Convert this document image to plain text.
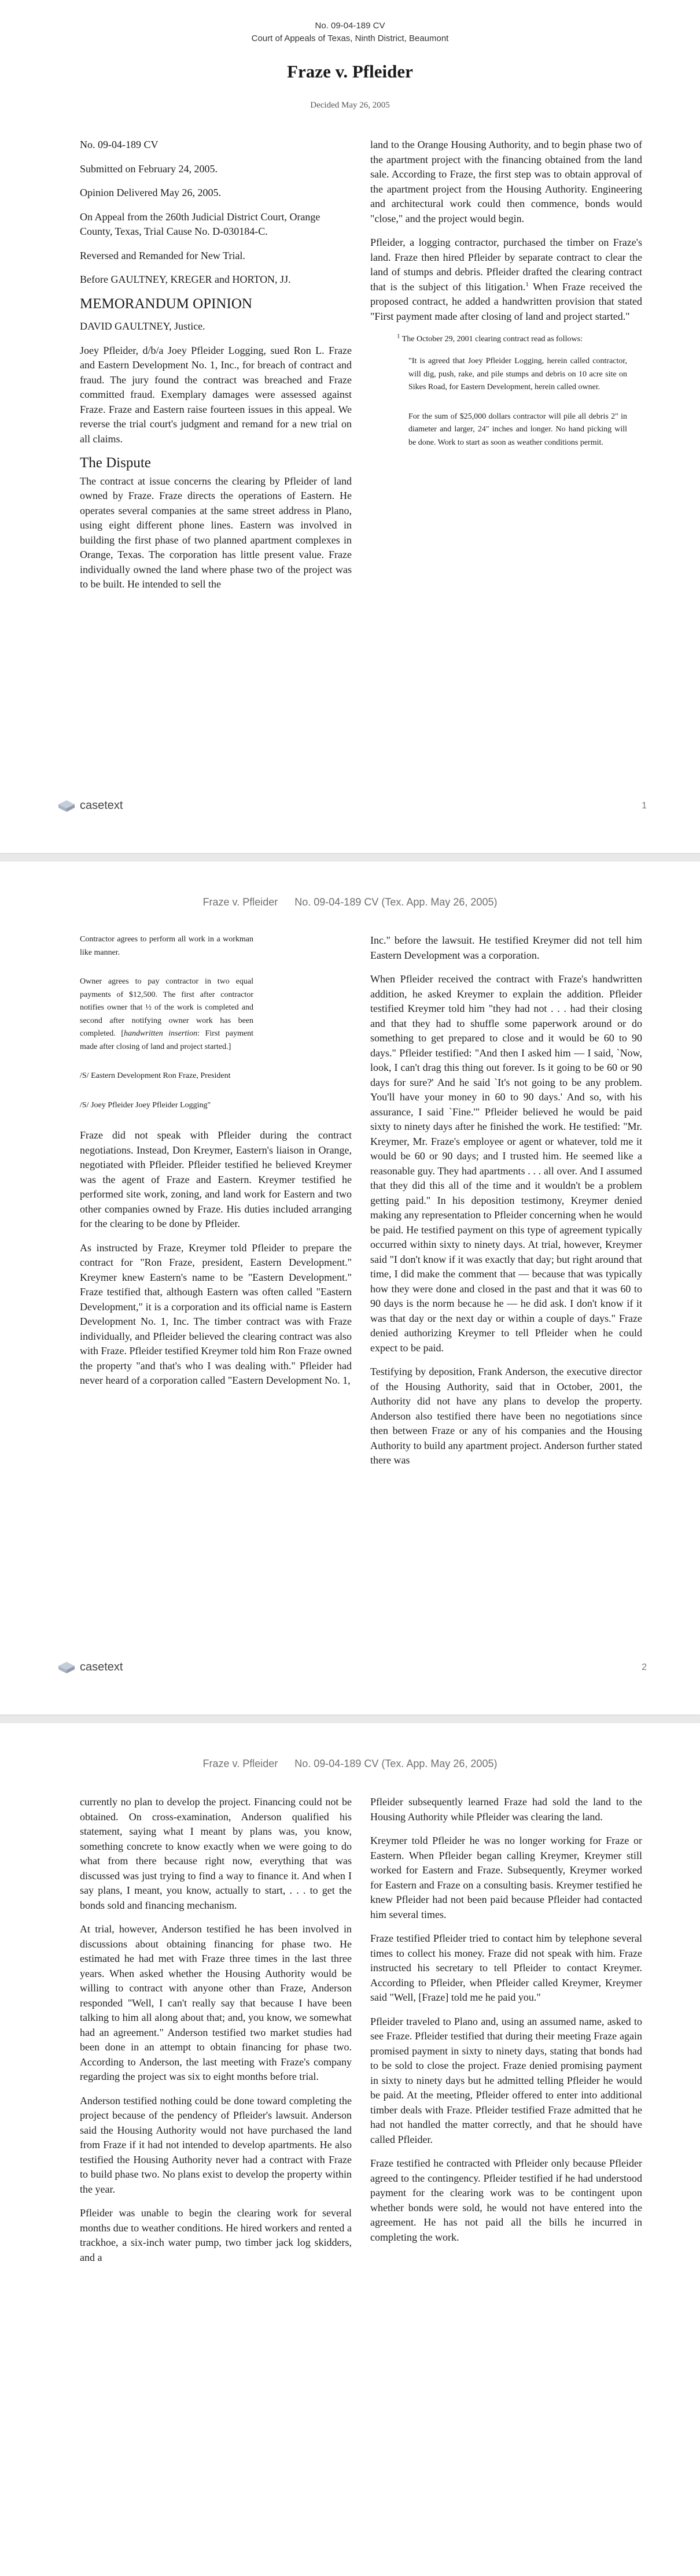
No. 09-04-189 CV
Court of Appeals of Texas, Ninth District, Beaumont
Fraze v. Pfleider
Decided May 26, 2005

No. 09-04-189 CV

Submitted on February 24, 2005.

Opinion Delivered May 26, 2005.

On Appeal from the 260th Judicial District Court, Orange County, Texas, Trial Cause No. D-030184-C.

Reversed and Remanded for New Trial.

Before GAULTNEY, KREGER and HORTON, JJ.

MEMORANDUM OPINION

DAVID GAULTNEY, Justice.

Joey Pfleider, d/b/a Joey Pfleider Logging, sued Ron L. Fraze and Eastern Development No. 1, Inc., for breach of contract and fraud. The jury found the contract was breached and Fraze committed fraud. Exemplary damages were assessed against Fraze. Fraze and Eastern raise fourteen issues in this appeal. We reverse the trial court's judgment and remand for a new trial on all claims.

The Dispute

The contract at issue concerns the clearing by Pfleider of land owned by Fraze. Fraze directs the operations of Eastern. He operates several companies at the same street address in Plano, using eight different phone lines. Eastern was involved in building the first phase of two planned apartment complexes in Orange, Texas. The corporation has little present value. Fraze individually owned the land where phase two of the project was to be built. He intended to sell the

land to the Orange Housing Authority, and to begin phase two of the apartment project with the financing obtained from the land sale. According to Fraze, the first step was to obtain approval of the apartment project from the Housing Authority. Engineering and architectural work could then commence, bonds would "close," and the project would begin.

Pfleider, a logging contractor, purchased the timber on Fraze's land. Fraze then hired Pfleider by separate contract to clear the land of stumps and debris. Pfleider drafted the clearing contract that is the subject of this litigation.$^1$ When Fraze received the proposed contract, he added a handwritten provision that stated "First payment made after closing of land and project started."

$^1$ The October 29, 2001 clearing contract read as follows:

"It is agreed that Joey Pfleider Logging, herein called contractor, will dig, push, rake, and pile stumps and debris on 10 acre site on Sikes Road, for Eastern Development, herein called owner.

For the sum of $25,000 dollars contractor will pile all debris 2" in diameter and larger, 24" inches and longer. No hand picking will be done. Work to start as soon as weather conditions permit.

casetext	1
Fraze v. Pfleider No. 09-04-189 CV (Tex. App. May 26, 2005)

Contractor agrees to perform all work in a workman like manner.

Owner agrees to pay contractor in two equal payments of $12,500. The first after contractor notifies owner that ½ of the work is completed and second after notifying owner work has been completed. [handwritten insertion: First payment made after closing of land and project started.]

/S/ Eastern Development Ron Fraze, President

/S/ Joey Pfleider Joey Pfleider Logging"

Fraze did not speak with Pfleider during the contract negotiations. Instead, Don Kreymer, Eastern's liaison in Orange, negotiated with Pfleider. Pfleider testified he believed Kreymer was the agent of Fraze and Eastern. Kreymer testified he performed site work, zoning, and land work for Eastern and two other companies owned by Fraze. His duties included arranging for the clearing to be done by Pfleider.

As instructed by Fraze, Kreymer told Pfleider to prepare the contract for "Ron Fraze, president, Eastern Development." Kreymer knew Eastern's name to be "Eastern Development." Fraze testified that, although Eastern was often called "Eastern Development," it is a corporation and its official name is Eastern Development No. 1, Inc. The timber contract was with Fraze individually, and Pfleider believed the clearing contract was also with Fraze. Pfleider testified Kreymer told him Ron Fraze owned the property "and that's who I was dealing with." Pfleider had never heard of a corporation called "Eastern Development No. 1,

Inc." before the lawsuit. He testified Kreymer did not tell him Eastern Development was a corporation.

When Pfleider received the contract with Fraze's handwritten addition, he asked Kreymer to explain the addition. Pfleider testified Kreymer told him "they had not . . . had their closing and that they had to shuffle some paperwork around or do something to get prepared to close and it would be 60 to 90 days." Pfleider testified: "And then I asked him — I said, `Now, look, I can't drag this thing out forever. Is it going to be 60 or 90 days for sure?' And he said `It's not going to be any problem. You'll have your money in 60 to 90 days.' And so, with his assurance, I said `Fine.'" Pfleider believed he would be paid sixty to ninety days after he finished the work. He testified: "Mr. Kreymer, Mr. Fraze's employee or agent or whatever, told me it would be 60 or 90 days; and I trusted him. He seemed like a reasonable guy. They had apartments . . . all over. And I assumed that they did this all of the time and it wouldn't be a problem getting paid." In his deposition testimony, Kreymer denied making any representation to Pfleider concerning when he would be paid. He testified payment on this type of agreement typically occurred within sixty to ninety days. At trial, however, Kreymer said "I don't know if it was exactly that day; but right around that time, I did make the comment that — because that was typically how they were done and closed in the past and that it was 60 to 90 days is the norm because he — he did ask. I don't know if it was that day or the next day or within a couple of days." Fraze denied authorizing Kreymer to tell Pfleider when he could expect to be paid.

Testifying by deposition, Frank Anderson, the executive director of the Housing Authority, said that in October, 2001, the Authority did not have any plans to develop the property. Anderson also testified there have been no negotiations since then between Fraze or any of his companies and the Housing Authority to build any apartment project. Anderson further stated there was

casetext	2
Fraze v. Pfleider No. 09-04-189 CV (Tex. App. May 26, 2005)

currently no plan to develop the project. Financing could not be obtained. On cross-examination, Anderson qualified his statement, saying what I meant by plans was, you know, something concrete to know exactly when we were going to do what from there because right now, everything that was discussed was just trying to find a way to finance it. And when I say plans, I meant, you know, actually to start, . . . to get the bonds sold and financing mechanism.

At trial, however, Anderson testified he has been involved in discussions about obtaining financing for phase two. He estimated he had met with Fraze three times in the last three years. When asked whether the Housing Authority would be willing to contract with anyone other than Fraze, Anderson responded "Well, I can't really say that because I have been talking to him all along about that; and, you know, we somewhat had an agreement." Anderson testified two market studies had been done in an attempt to obtain financing for phase two. According to Anderson, the last meeting with Fraze's company regarding the project was six to eight months before trial.

Anderson testified nothing could be done toward completing the project because of the pendency of Pfleider's lawsuit. Anderson said the Housing Authority would not have purchased the land from Fraze if it had not intended to develop apartments. He also testified the Housing Authority never had a contract with Fraze to build phase two. No plans exist to develop the property within the year.

Pfleider was unable to begin the clearing work for several months due to weather conditions. He hired workers and rented a trackhoe, a six-inch water pump, two timber jack log skidders, and a

Pfleider subsequently learned Fraze had sold the land to the Housing Authority while Pfleider was clearing the land.

Kreymer told Pfleider he was no longer working for Fraze or Eastern. When Pfleider began calling Kreymer, Kreymer still worked for Eastern and Fraze. Subsequently, Kreymer worked for Eastern and Fraze on a consulting basis. Kreymer testified he knew Pfleider had not been paid because Pfleider had contacted him several times.

Fraze testified Pfleider tried to contact him by telephone several times to collect his money. Fraze did not speak with him. Fraze instructed his secretary to tell Pfleider to contact Kreymer. According to Pfleider, when Pfleider called Kreymer, Kreymer said "Well, [Fraze] told me he paid you."

Pfleider traveled to Plano and, using an assumed name, asked to see Fraze. Pfleider testified that during their meeting Fraze again promised payment in sixty to ninety days, stating that bonds had to be sold to close the project. Fraze denied promising payment in sixty to ninety days but he admitted telling Pfleider he would be paid. At the meeting, Pfleider offered to enter into additional timber deals with Fraze. Pfleider testified Fraze admitted that he had not handled the matter correctly, and that he should have called Pfleider.

Fraze testified he contracted with Pfleider only because Pfleider agreed to the contingency. Pfleider testified if he had understood payment for the clearing work was to be contingent upon whether bonds were sold, he would not have entered into the agreement. He has not paid all the bills he incurred in completing the work.
